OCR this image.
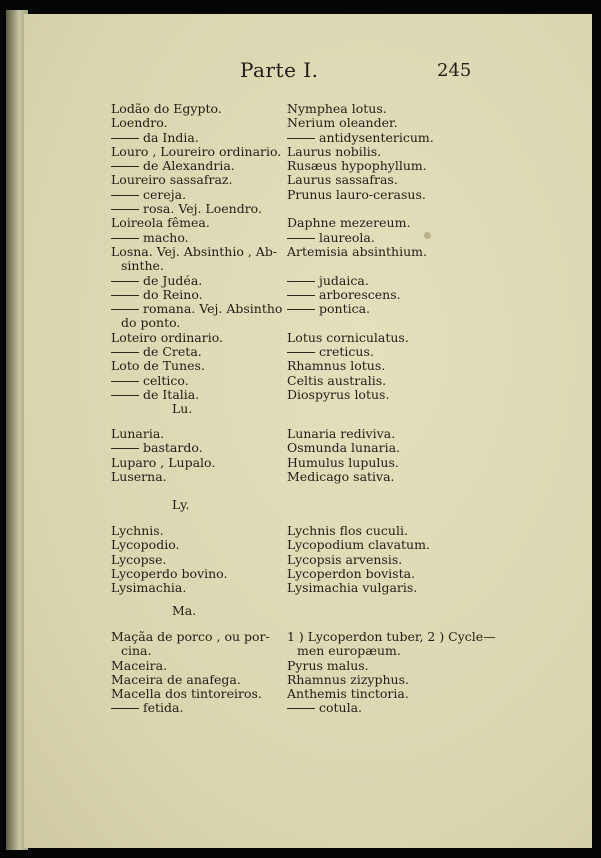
Parte I.	245
Lodão do Egypto.
Loendro.
da India.
Louro , Loureiro ordinario.
de Alexandria.
Loureiro sassafraz.
cereja.
rosa. Vej. Loendro.
Loireola fêmea.
macho.
Losna. Vej. Absinthio , Ab-
sinthe.
de Judéa.
do Reino.
romana. Vej. Absintho
do ponto.
Loteiro ordinario.
de Creta.
Loto de Tunes.
celtico.
de Italia.
Nymphea lotus.
Nerium oleander.
antidysentericum.
Laurus nobilis.
Rusæus hypophyllum.
Laurus sassafras.
Prunus lauro-cerasus.
Daphne mezereum.
laureola.
Artemisia absinthium.
judaica.
arborescens.
pontica.
Lotus corniculatus.
creticus.
Rhamnus lotus.
Celtis australis.
Diospyrus lotus.
Lu.
Lunaria.
bastardo.
Luparo , Lupalo.
Luserna.
Lunaria rediviva.
Osmunda lunaria.
Humulus lupulus.
Medicago sativa.
Ly.
Lychnis.
Lycopodio.
Lycopse.
Lycoperdo bovino.
Lysimachia.
Lychnis flos cuculi.
Lycopodium clavatum.
Lycopsis arvensis.
Lycoperdon bovista.
Lysimachia vulgaris.
Ma.
Maçãa de porco , ou por-
cina.
Maceira.
Maceira de anafega.
Macella dos tintoreiros.
fetida.
1 ) Lycoperdon tuber, 2 ) Cycle—
men europæum.
Pyrus malus.
Rhamnus zizyphus.
Anthemis tinctoria.
cotula.
